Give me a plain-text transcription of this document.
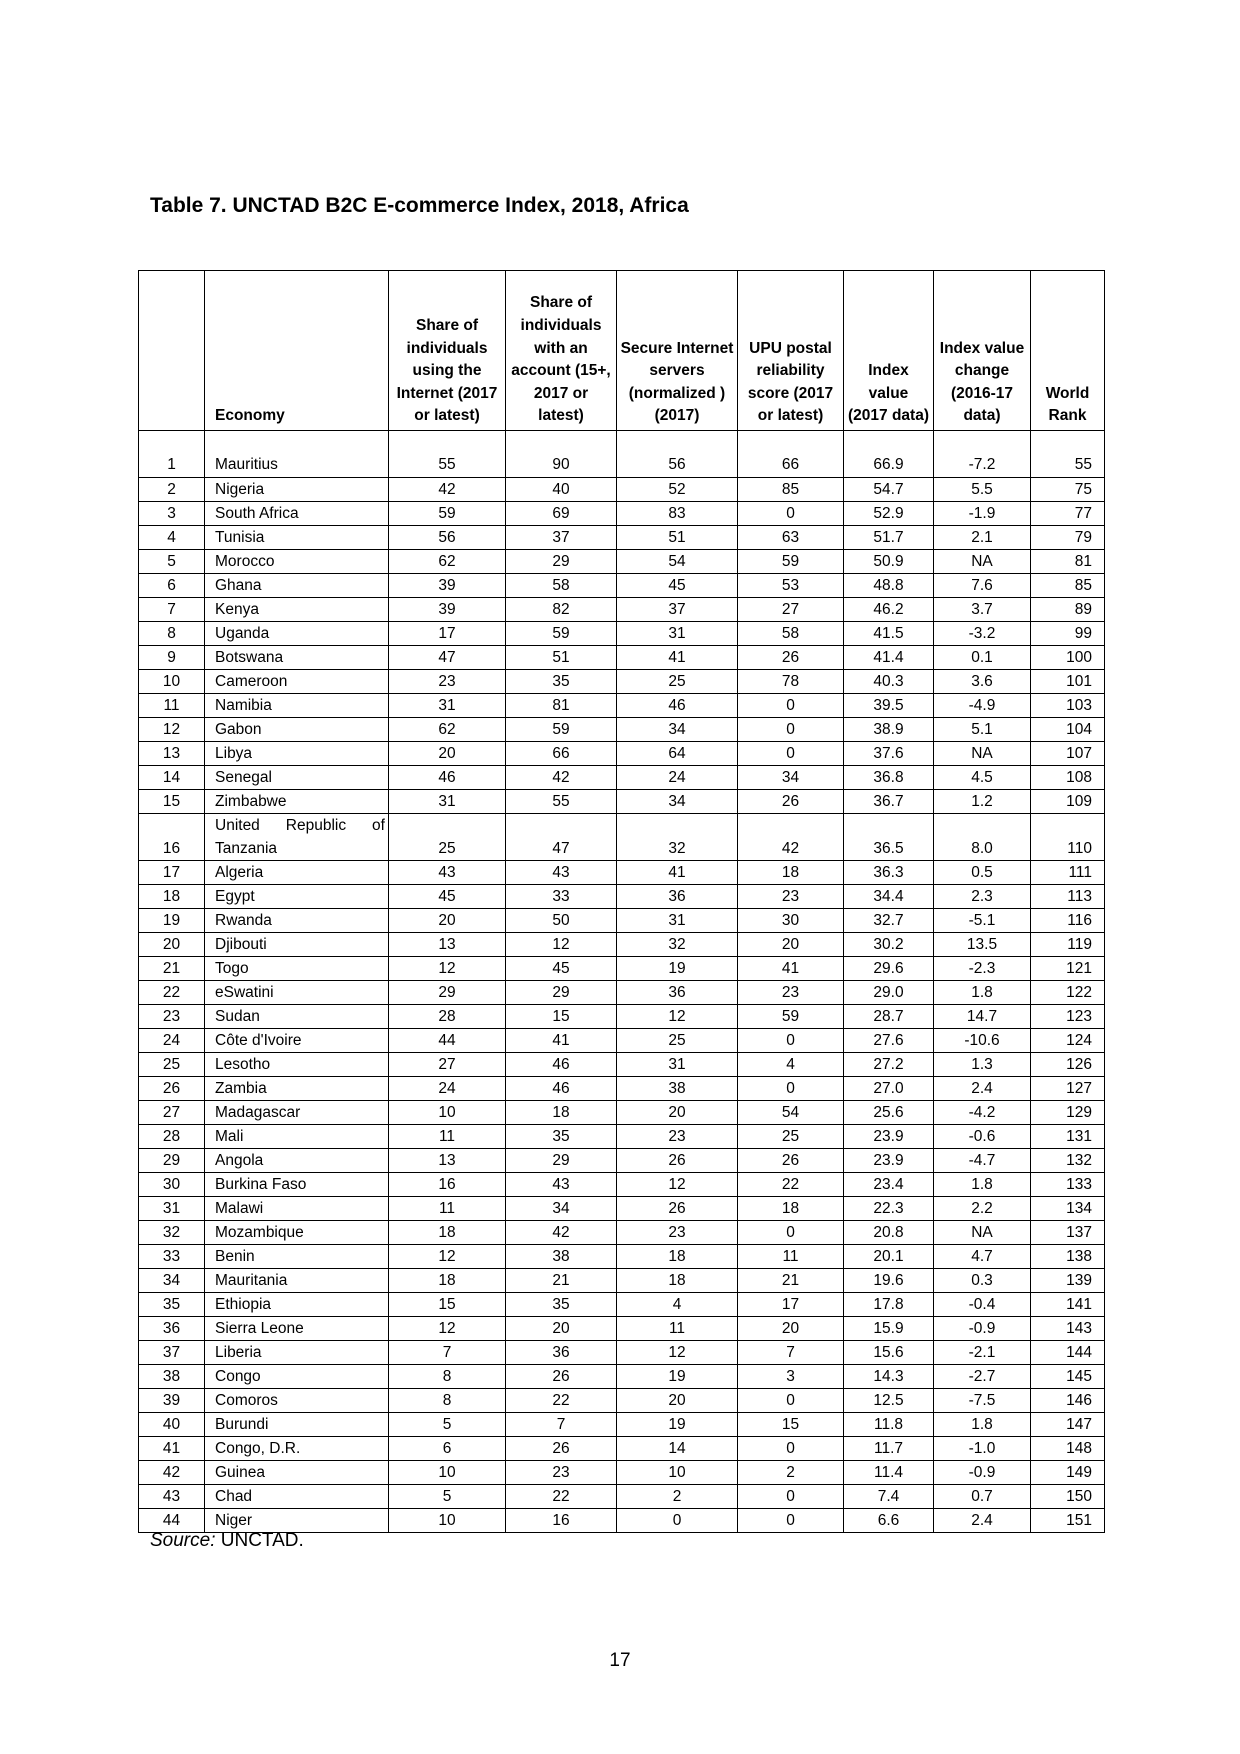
Table 7. UNCTAD B2C E-commerce Index, 2018, Africa
	Economy	Share of individuals using the Internet (2017 or latest)	Share of individuals with an account (15+, 2017 or latest)	Secure Internet servers (normalized ) (2017)	UPU postal reliability score (2017 or latest)	Index value (2017 data)	Index value change (2016-17 data)	World Rank
1	Mauritius	55	90	56	66	66.9	-7.2	55
2	Nigeria	42	40	52	85	54.7	5.5	75
3	South Africa	59	69	83	0	52.9	-1.9	77
4	Tunisia	56	37	51	63	51.7	2.1	79
5	Morocco	62	29	54	59	50.9	NA	81
6	Ghana	39	58	45	53	48.8	7.6	85
7	Kenya	39	82	37	27	46.2	3.7	89
8	Uganda	17	59	31	58	41.5	-3.2	99
9	Botswana	47	51	41	26	41.4	0.1	100
10	Cameroon	23	35	25	78	40.3	3.6	101
11	Namibia	31	81	46	0	39.5	-4.9	103
12	Gabon	62	59	34	0	38.9	5.1	104
13	Libya	20	66	64	0	37.6	NA	107
14	Senegal	46	42	24	34	36.8	4.5	108
15	Zimbabwe	31	55	34	26	36.7	1.2	109
16	United Republic of Tanzania	25	47	32	42	36.5	8.0	110
17	Algeria	43	43	41	18	36.3	0.5	111
18	Egypt	45	33	36	23	34.4	2.3	113
19	Rwanda	20	50	31	30	32.7	-5.1	116
20	Djibouti	13	12	32	20	30.2	13.5	119
21	Togo	12	45	19	41	29.6	-2.3	121
22	eSwatini	29	29	36	23	29.0	1.8	122
23	Sudan	28	15	12	59	28.7	14.7	123
24	Côte d'Ivoire	44	41	25	0	27.6	-10.6	124
25	Lesotho	27	46	31	4	27.2	1.3	126
26	Zambia	24	46	38	0	27.0	2.4	127
27	Madagascar	10	18	20	54	25.6	-4.2	129
28	Mali	11	35	23	25	23.9	-0.6	131
29	Angola	13	29	26	26	23.9	-4.7	132
30	Burkina Faso	16	43	12	22	23.4	1.8	133
31	Malawi	11	34	26	18	22.3	2.2	134
32	Mozambique	18	42	23	0	20.8	NA	137
33	Benin	12	38	18	11	20.1	4.7	138
34	Mauritania	18	21	18	21	19.6	0.3	139
35	Ethiopia	15	35	4	17	17.8	-0.4	141
36	Sierra Leone	12	20	11	20	15.9	-0.9	143
37	Liberia	7	36	12	7	15.6	-2.1	144
38	Congo	8	26	19	3	14.3	-2.7	145
39	Comoros	8	22	20	0	12.5	-7.5	146
40	Burundi	5	7	19	15	11.8	1.8	147
41	Congo, D.R.	6	26	14	0	11.7	-1.0	148
42	Guinea	10	23	10	2	11.4	-0.9	149
43	Chad	5	22	2	0	7.4	0.7	150
44	Niger	10	16	0	0	6.6	2.4	151

Source: UNCTAD.

17
